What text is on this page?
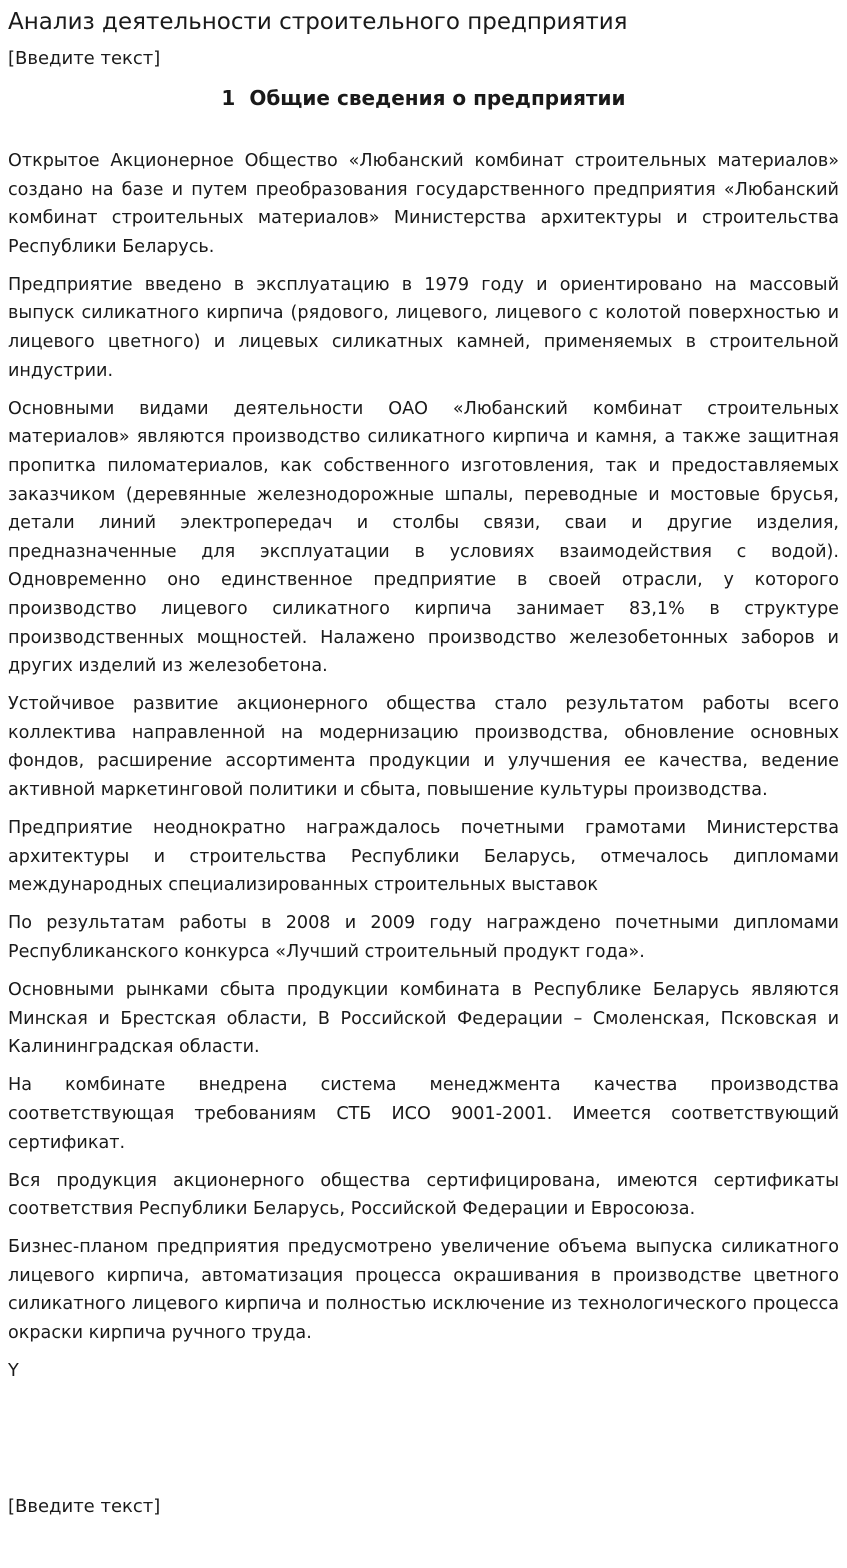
Анализ деятельности строительного предприятия
[Введите текст]
1 Общие сведения о предприятии

Открытое Акционерное Общество «Любанский комбинат строительных материалов» создано на базе и путем преобразования государственного предприятия «Любанский комбинат строительных материалов» Министерства архитектуры и строительства Республики Беларусь.

Предприятие введено в эксплуатацию в 1979 году и ориентировано на массовый выпуск силикатного кирпича (рядового, лицевого, лицевого с колотой поверхностью и лицевого цветного) и лицевых силикатных камней, применяемых в строительной индустрии.

Основными видами деятельности ОАО «Любанский комбинат строительных материалов» являются производство силикатного кирпича и камня, а также защитная пропитка пиломатериалов, как собственного изготовления, так и предоставляемых заказчиком (деревянные железнодорожные шпалы, переводные и мостовые брусья, детали линий электропередач и столбы связи, сваи и другие изделия, предназначенные для эксплуатации в условиях взаимодействия с водой). Одновременно оно единственное предприятие в своей отрасли, у которого производство лицевого силикатного кирпича занимает 83,1% в структуре производственных мощностей. Налажено производство железобетонных заборов и других изделий из железобетона.

Устойчивое развитие акционерного общества стало результатом работы всего коллектива направленной на модернизацию производства, обновление основных фондов, расширение ассортимента продукции и улучшения ее качества, ведение активной маркетинговой политики и сбыта, повышение культуры производства.

Предприятие неоднократно награждалось почетными грамотами Министерства архитектуры и строительства Республики Беларусь, отмечалось дипломами международных специализированных строительных выставок

По результатам работы в 2008 и 2009 году награждено почетными дипломами Республиканского конкурса «Лучший строительный продукт года».

Основными рынками сбыта продукции комбината в Республике Беларусь являются Минская и Брестская области, В Российской Федерации – Смоленская, Псковская и Калининградская области.

На комбинате внедрена система менеджмента качества производства соответствующая требованиям СТБ ИСО 9001-2001. Имеется соответствующий сертификат.

Вся продукция акционерного общества сертифицирована, имеются сертификаты соответствия Республики Беларусь, Российской Федерации и Евросоюза.

Бизнес-планом предприятия предусмотрено увеличение объема выпуска силикатного лицевого кирпича, автоматизация процесса окрашивания в производстве цветного силикатного лицевого кирпича и полностью исключение из технологического процесса окраски кирпича ручного труда.

Y

[Введите текст]
